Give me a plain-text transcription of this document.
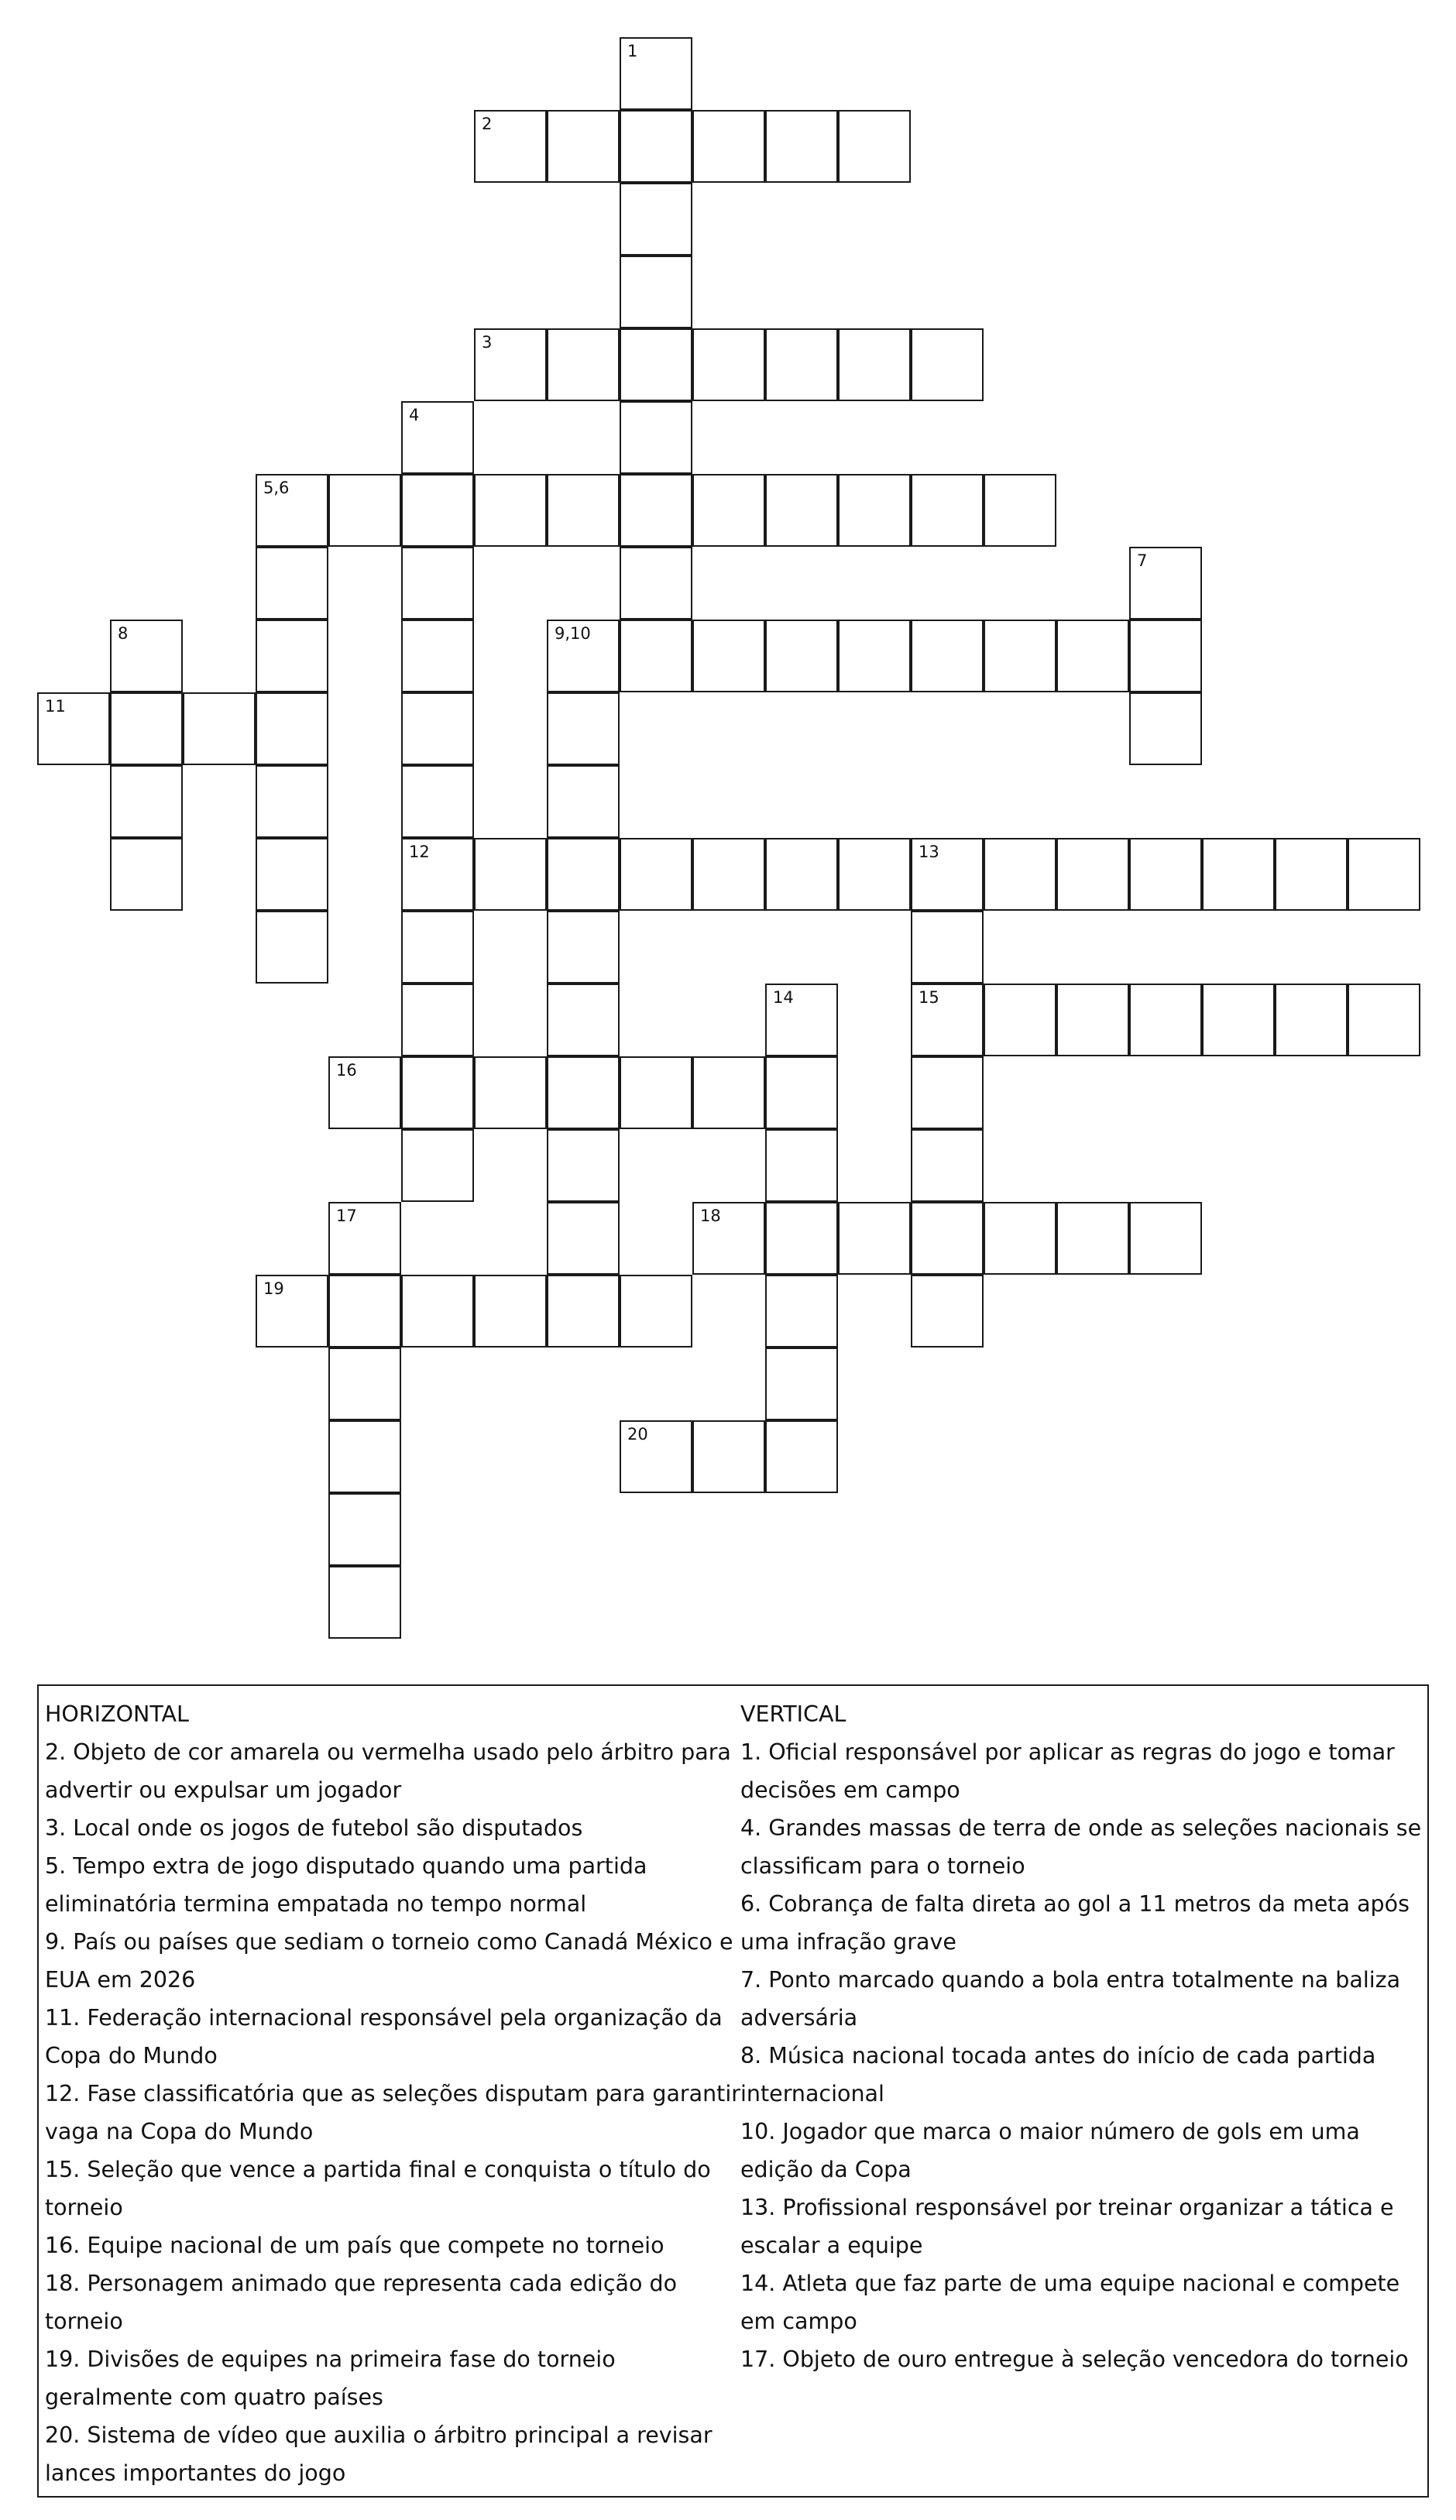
2
3
5,6
9,10
11
12	13
15
16
18
19
20
1
4
7
8
14
17
HORIZONTAL
2. Objeto de cor amarela ou vermelha usado pelo árbitro para advertir ou expulsar um jogador
3. Local onde os jogos de futebol são disputados
5. Tempo extra de jogo disputado quando uma partida eliminatória termina empatada no tempo normal
9. País ou países que sediam o torneio como Canadá México e EUA em 2026
11. Federação internacional responsável pela organização da Copa do Mundo
12. Fase classificatória que as seleções disputam para garantir vaga na Copa do Mundo
15. Seleção que vence a partida final e conquista o título do torneio
16. Equipe nacional de um país que compete no torneio
18. Personagem animado que representa cada edição do torneio
19. Divisões de equipes na primeira fase do torneio geralmente com quatro países
20. Sistema de vídeo que auxilia o árbitro principal a revisar lances importantes do jogo
VERTICAL
1. Oficial responsável por aplicar as regras do jogo e tomar decisões em campo
4. Grandes massas de terra de onde as seleções nacionais se classificam para o torneio
6. Cobrança de falta direta ao gol a 11 metros da meta após uma infração grave
7. Ponto marcado quando a bola entra totalmente na baliza adversária
8. Música nacional tocada antes do início de cada partida internacional
10. Jogador que marca o maior número de gols em uma edição da Copa
13. Profissional responsável por treinar organizar a tática e escalar a equipe
14. Atleta que faz parte de uma equipe nacional e compete em campo
17. Objeto de ouro entregue à seleção vencedora do torneio
